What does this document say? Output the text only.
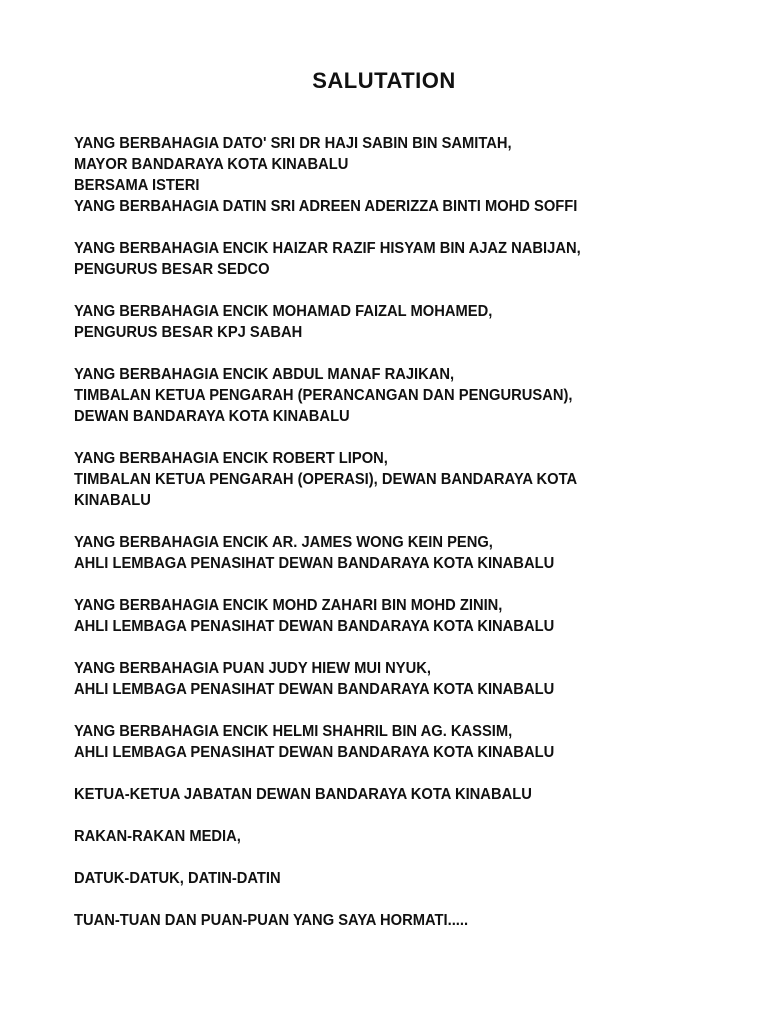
SALUTATION
YANG BERBAHAGIA DATO' SRI DR HAJI SABIN BIN SAMITAH,
MAYOR BANDARAYA KOTA KINABALU
BERSAMA ISTERI
YANG BERBAHAGIA DATIN SRI ADREEN ADERIZZA BINTI MOHD SOFFI
YANG BERBAHAGIA ENCIK HAIZAR RAZIF HISYAM BIN AJAZ NABIJAN,
PENGURUS BESAR SEDCO
YANG BERBAHAGIA ENCIK MOHAMAD FAIZAL MOHAMED,
PENGURUS BESAR KPJ SABAH
YANG BERBAHAGIA ENCIK ABDUL MANAF RAJIKAN,
TIMBALAN KETUA PENGARAH (PERANCANGAN DAN PENGURUSAN),
DEWAN BANDARAYA KOTA KINABALU
YANG BERBAHAGIA ENCIK ROBERT LIPON,
TIMBALAN KETUA PENGARAH (OPERASI), DEWAN BANDARAYA KOTA
KINABALU
YANG BERBAHAGIA ENCIK AR. JAMES WONG KEIN PENG,
AHLI LEMBAGA PENASIHAT DEWAN BANDARAYA KOTA KINABALU
YANG BERBAHAGIA ENCIK MOHD ZAHARI BIN MOHD ZININ,
AHLI LEMBAGA PENASIHAT DEWAN BANDARAYA KOTA KINABALU
YANG BERBAHAGIA PUAN JUDY HIEW MUI NYUK,
AHLI LEMBAGA PENASIHAT DEWAN BANDARAYA KOTA KINABALU
YANG BERBAHAGIA ENCIK HELMI SHAHRIL BIN AG. KASSIM,
AHLI LEMBAGA PENASIHAT DEWAN BANDARAYA KOTA KINABALU
KETUA-KETUA JABATAN DEWAN BANDARAYA KOTA KINABALU
RAKAN-RAKAN MEDIA,
DATUK-DATUK, DATIN-DATIN
TUAN-TUAN DAN PUAN-PUAN YANG SAYA HORMATI.....
